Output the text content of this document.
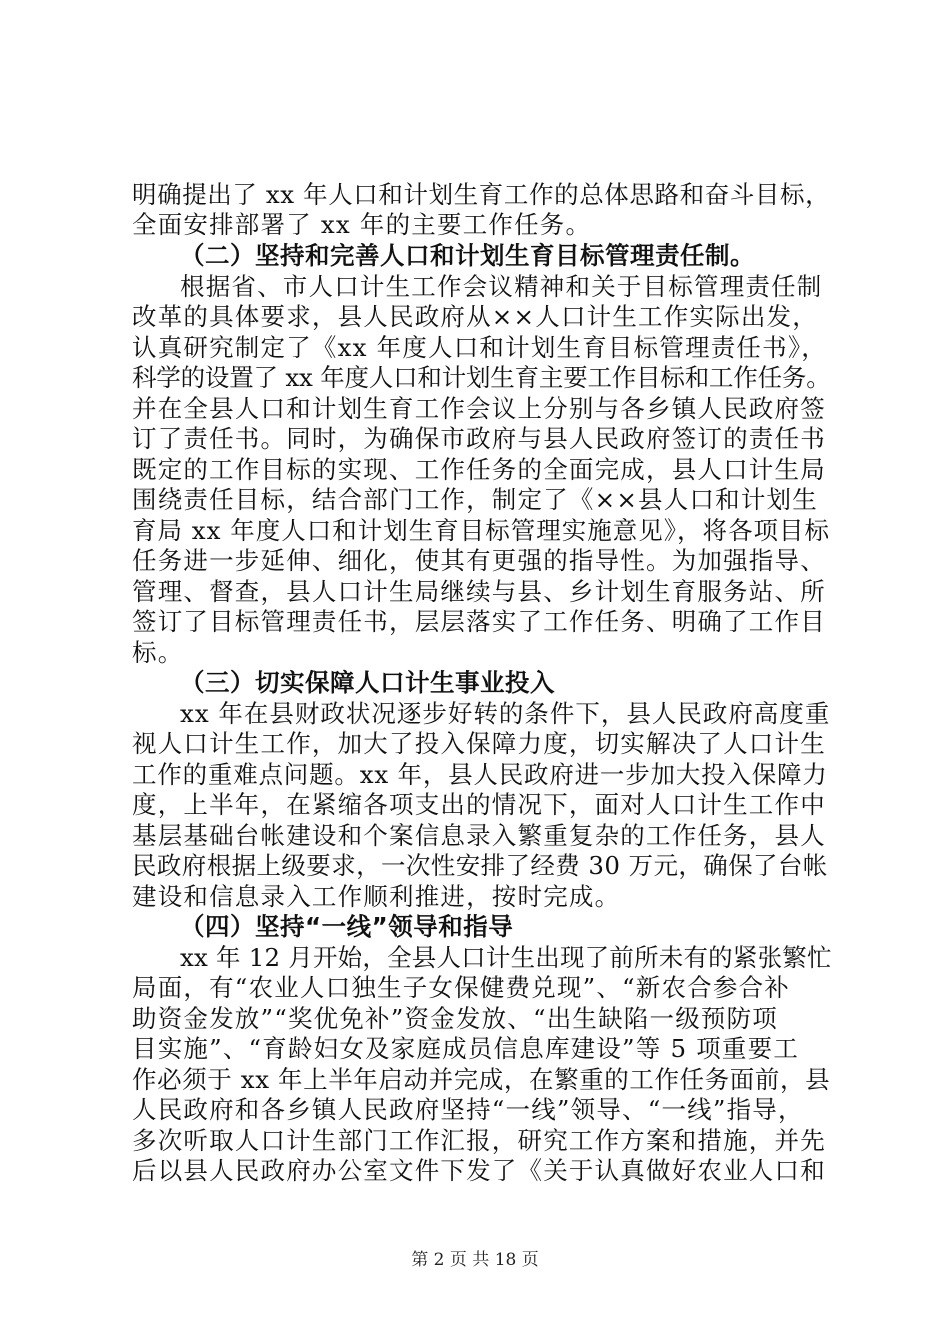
明确提出了 xx 年人口和计划生育工作的总体思路和奋斗目标，
全面安排部署了 xx 年的主要工作任务。
（二）坚持和完善人口和计划生育目标管理责任制。
根据省、市人口计生工作会议精神和关于目标管理责任制
改革的具体要求，县人民政府从××人口计生工作实际出发，
认真研究制定了《xx 年度人口和计划生育目标管理责任书》，
科学的设置了 xx 年度人口和计划生育主要工作目标和工作任务。
并在全县人口和计划生育工作会议上分别与各乡镇人民政府签
订了责任书。同时，为确保市政府与县人民政府签订的责任书
既定的工作目标的实现、工作任务的全面完成，县人口计生局
围绕责任目标，结合部门工作，制定了《××县人口和计划生
育局 xx 年度人口和计划生育目标管理实施意见》，将各项目标
任务进一步延伸、细化，使其有更强的指导性。为加强指导、
管理、督查，县人口计生局继续与县、乡计划生育服务站、所
签订了目标管理责任书，层层落实了工作任务、明确了工作目
标。
（三）切实保障人口计生事业投入
xx 年在县财政状况逐步好转的条件下，县人民政府高度重
视人口计生工作，加大了投入保障力度，切实解决了人口计生
工作的重难点问题。xx 年，县人民政府进一步加大投入保障力
度，上半年，在紧缩各项支出的情况下，面对人口计生工作中
基层基础台帐建设和个案信息录入繁重复杂的工作任务，县人
民政府根据上级要求，一次性安排了经费 30 万元，确保了台帐
建设和信息录入工作顺利推进，按时完成。
（四）坚持“一线”领导和指导
xx 年 12 月开始，全县人口计生出现了前所未有的紧张繁忙
局面，有“农业人口独生子女保健费兑现”、“新农合参合补
助资金发放”“奖优免补”资金发放、“出生缺陷一级预防项
目实施”、“育龄妇女及家庭成员信息库建设”等 5 项重要工
作必须于 xx 年上半年启动并完成，在繁重的工作任务面前，县
人民政府和各乡镇人民政府坚持“一线”领导、“一线”指导，
多次听取人口计生部门工作汇报，研究工作方案和措施，并先
后以县人民政府办公室文件下发了《关于认真做好农业人口和
第 2 页 共 18 页
